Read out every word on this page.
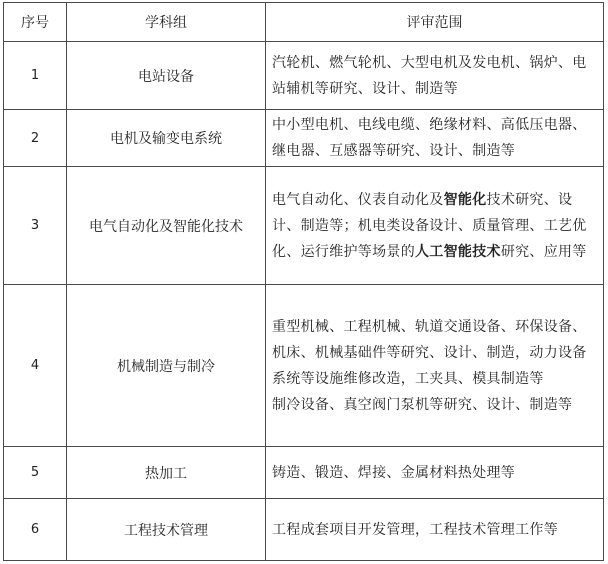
序号	学科组	评审范围
1	电站设备	汽轮机、燃气轮机、大型电机及发电机、锅炉、电站辅机等研究、设计、制造等
2	电机及输变电系统	中小型电机、电线电缆、绝缘材料、高低压电器、继电器、互感器等研究、设计、制造等
3	电气自动化及智能化技术	电气自动化、仪表自动化及智能化技术研究、设计、制造等；机电类设备设计、质量管理、工艺优化、运行维护等场景的人工智能技术研究、应用等
4	机械制造与制冷	重型机械、工程机械、轨道交通设备、环保设备、机床、机械基础件等研究、设计、制造，动力设备系统等设施维修改造，工夹具、模具制造等
制冷设备、真空阀门泵机等研究、设计、制造等
5	热加工	铸造、锻造、焊接、金属材料热处理等
6	工程技术管理	工程成套项目开发管理，工程技术管理工作等
